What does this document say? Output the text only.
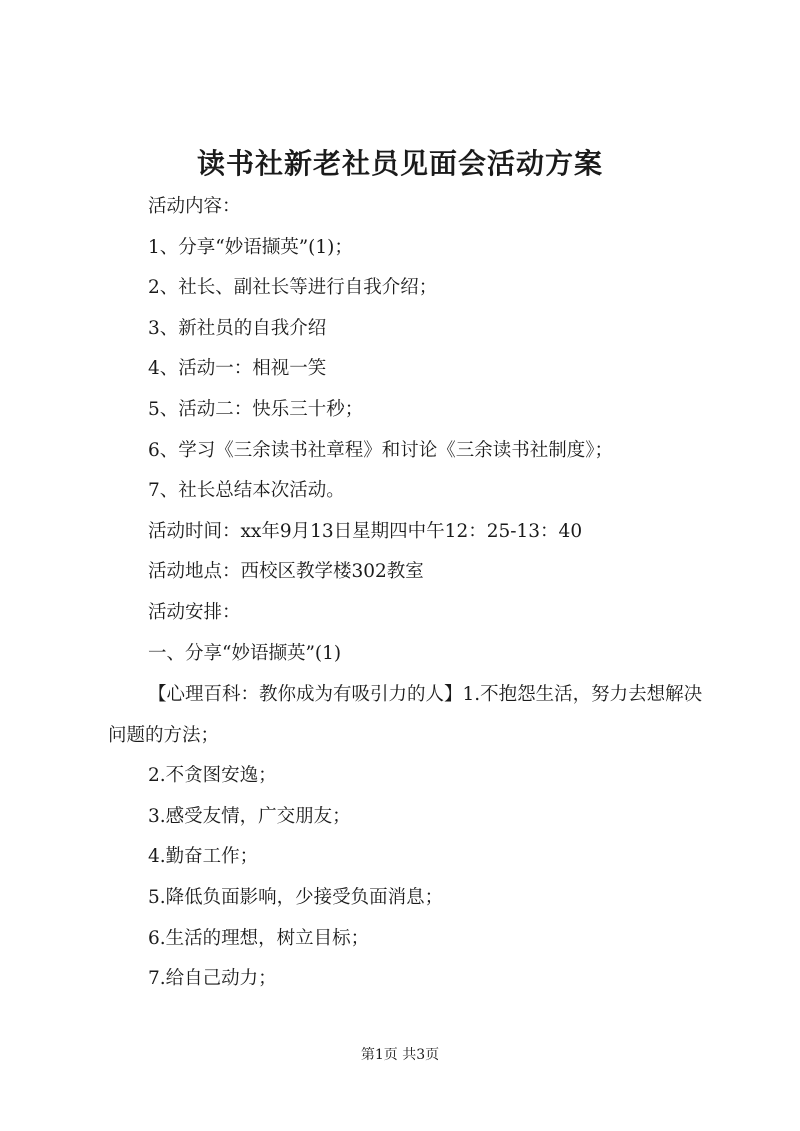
读书社新老社员见面会活动方案
活动内容：
1、分享“妙语撷英”(1)；
2、社长、副社长等进行自我介绍；
3、新社员的自我介绍
4、活动一：相视一笑
5、活动二：快乐三十秒；
6、学习《三余读书社章程》和讨论《三余读书社制度》；
7、社长总结本次活动。
活动时间：xx年9月13日星期四中午12：25-13：40
活动地点：西校区教学楼302教室
活动安排：
一、分享“妙语撷英”(1)
【心理百科：教你成为有吸引力的人】1.不抱怨生活，努力去想解决问题的方法；
2.不贪图安逸；
3.感受友情，广交朋友；
4.勤奋工作；
5.降低负面影响，少接受负面消息；
6.生活的理想，树立目标；
7.给自己动力；
第1页 共3页
